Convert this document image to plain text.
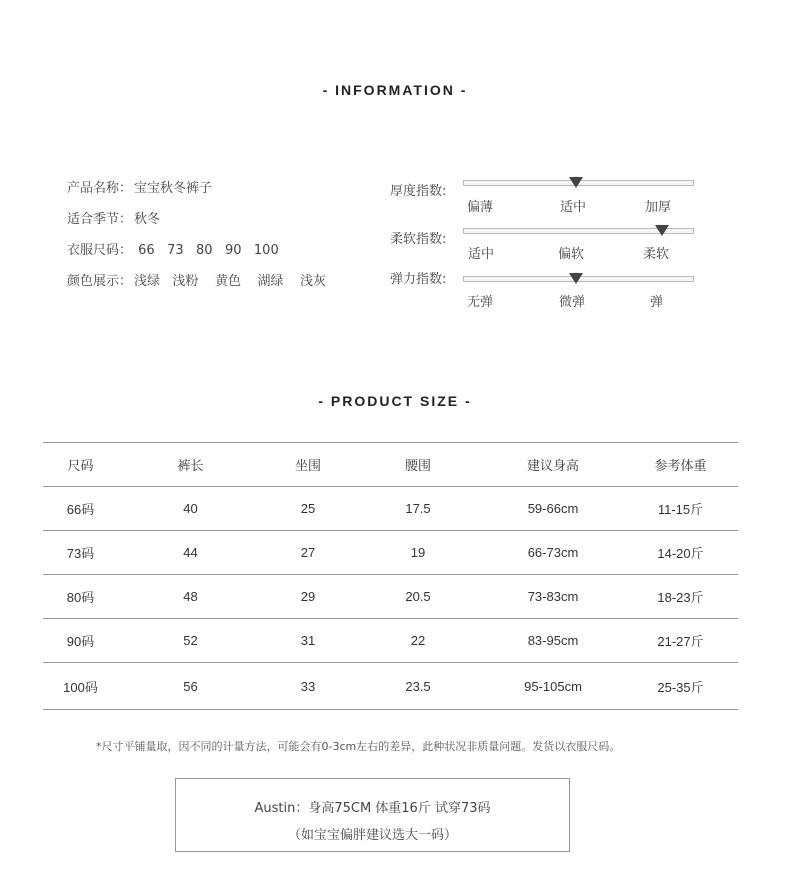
- INFORMATION -
产品名称： 宝宝秋冬裤子
适合季节： 秋冬
衣服尺码： 66   73   80   90   100
颜色展示： 浅绿   浅粉    黄色    湖绿    浅灰
厚度指数:
偏薄	适中	加厚
柔软指数:
适中	偏软	柔软
弹力指数:
无弹	微弹	弹
- PRODUCT SIZE -
尺码	裤长	坐围	腰围	建议身高	参考体重
66码	40	25	17.5	59-66cm	11-15斤
73码	44	27	19	66-73cm	14-20斤
80码	48	29	20.5	73-83cm	18-23斤
90码	52	31	22	83-95cm	21-27斤
100码	56	33	23.5	95-105cm	25-35斤
*尺寸平铺量取，因不同的计量方法，可能会有0-3cm左右的差异，此种状况非质量问题。发货以衣服尺码。
Austin：身高75CM 体重16斤 试穿73码
（如宝宝偏胖建议选大一码）
